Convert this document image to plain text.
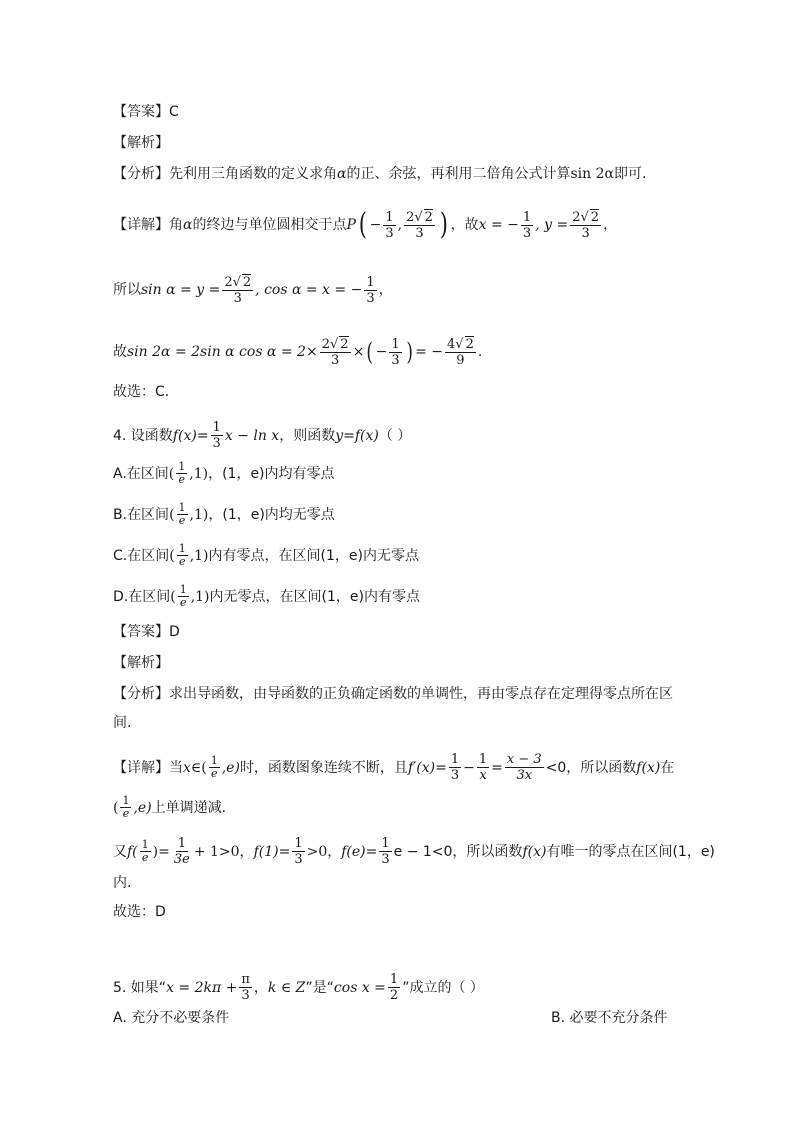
【答案】 C
【解析】
【分析】 先利用三角函数的定义求角 α 的正、余弦，再利用二倍角公式计算 sin 2α 即可.
【详解】 角 α 的终边与单位圆相交于点 P ( − $\frac{1}{3}$ , $\frac{2√ 2}{3}$ ) ，故 x = − $\frac{1}{3}$ , $y = \frac{2√ 2}{3}$ ，
所以 $\sin \alpha = y = \frac{2√ 2}{3}$ , cos α = x = − $\frac{1}{3}$ ，
故 sin 2α = 2sin α $\cos \alpha = 2\times \frac{2√ 2}{3}$ × ( − $\frac{1}{3}$ ) = − $\frac{4√ 2}{9}$ .
故选：C.
4. 设函数 $f(x)= \frac{1}{3}$ x − ln x ，则函数 y=f(x) （ ）
A. 在区间 ( $\frac{1}{e} ,1$) ，(1，e)内均有零点
B. 在区间 ( $\frac{1}{e} ,1$) ，(1，e)内均无零点
C. 在区间 ( $\frac{1}{e} ,1$) 内有零点，在区间(1，e)内无零点
D. 在区间 ( $\frac{1}{e} ,1$) 内无零点，在区间(1，e)内有零点
【答案】 D
【解析】
【分析】 求出导函数，由导函数的正负确定函数的单调性，再由零点存在定理得零点所在区
间.
【详解】 当 x∈ ( $\frac{1}{e} ,e$) 时，函数图象连续不断，且 $f'(x)= \frac{1}{3} - \frac{1}{x} = \frac{x - 3}{3x} <0$，所以函数 f(x) 在
( $\frac{1}{e} ,e$) 上单调递减.
又 $f( \frac{1}{e}$ ) = $\frac{1}{3e} + 1>0$， $f(1)= \frac{1}{3} >0$， $f(e)= \frac{1}{3}$ e − 1<0，所以函数 f(x) 有唯一的零点在区间(1，e)
内.
故选：D
5. 如果“ $x = 2k\pi + \frac{\pi}{3}$ ， k ∈ Z ”是“ $\cos x = \frac{1}{2}$ ”成立的（ ）
A. 充分不必要条件	B. 必要不充分条件
